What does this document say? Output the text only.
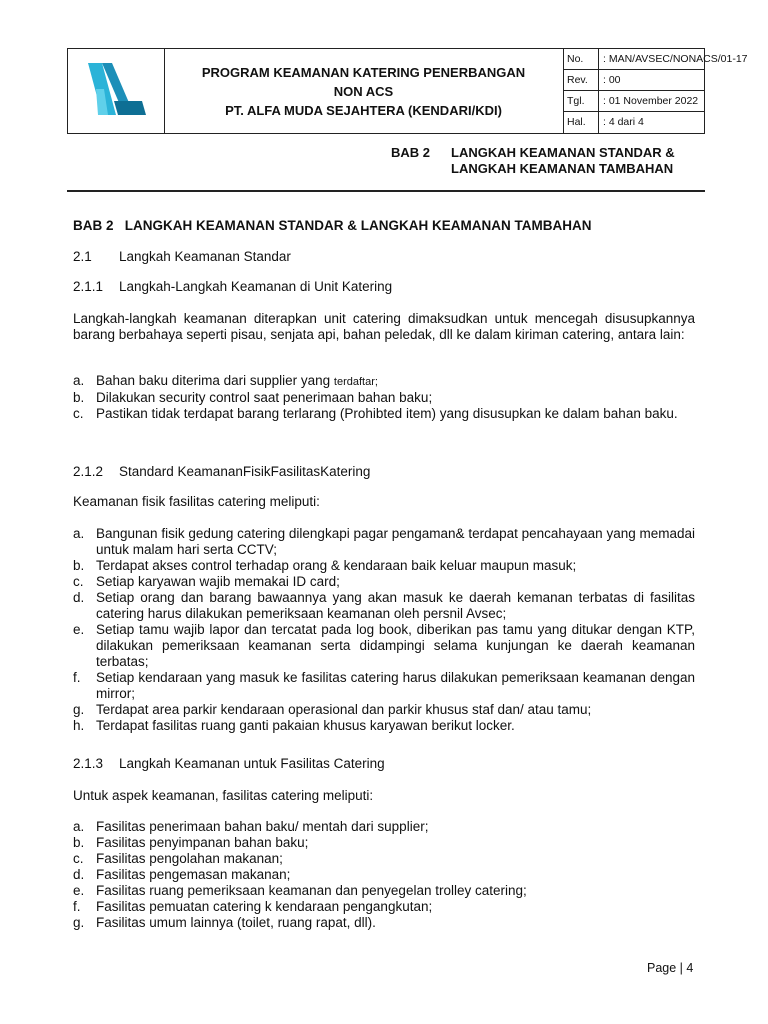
PROGRAM KEAMANAN KATERING PENERBANGAN
NON ACS
PT. ALFA MUDA SEJAHTERA (KENDARI/KDI)
No.	: MAN/AVSEC/NONACS/01-17
Rev.	: 00
Tgl.	: 01 November 2022
Hal.	: 4 dari 4
BAB 2 LANGKAH KEAMANAN STANDAR &
LANGKAH KEAMANAN TAMBAHAN
BAB 2   LANGKAH KEAMANAN STANDAR & LANGKAH KEAMANAN TAMBAHAN
2.1 Langkah Keamanan Standar
2.1.1 Langkah-Langkah Keamanan di Unit Katering
Langkah-langkah keamanan diterapkan unit catering dimaksudkan untuk mencegah disusupkannya barang berbahaya seperti pisau, senjata api, bahan peledak, dll ke dalam kiriman catering, antara lain:
a. Bahan baku diterima dari supplier yang terdaftar;
b. Dilakukan security control saat penerimaan bahan baku;
c. Pastikan tidak terdapat barang terlarang (Prohibted item) yang disusupkan ke dalam bahan baku.
2.1.2 Standard KeamananFisikFasilitasKatering
Keamanan fisik fasilitas catering meliputi:
a. Bangunan fisik gedung catering dilengkapi pagar pengaman& terdapat pencahayaan yang memadai untuk malam hari serta CCTV;
b. Terdapat akses control terhadap orang & kendaraan baik keluar maupun masuk;
c. Setiap karyawan wajib memakai ID card;
d. Setiap orang dan barang bawaannya yang akan masuk ke daerah kemanan terbatas di fasilitas catering harus dilakukan pemeriksaan keamanan oleh persnil Avsec;
e. Setiap tamu wajib lapor dan tercatat pada log book, diberikan pas tamu yang ditukar dengan KTP, dilakukan pemeriksaan keamanan serta didampingi selama kunjungan ke daerah keamanan terbatas;
f. Setiap kendaraan yang masuk ke fasilitas catering harus dilakukan pemeriksaan keamanan dengan mirror;
g. Terdapat area parkir kendaraan operasional dan parkir khusus staf dan/ atau tamu;
h. Terdapat fasilitas ruang ganti pakaian khusus karyawan berikut locker.
2.1.3 Langkah Keamanan untuk Fasilitas Catering
Untuk aspek keamanan, fasilitas catering meliputi:
a. Fasilitas penerimaan bahan baku/ mentah dari supplier;
b. Fasilitas penyimpanan bahan baku;
c. Fasilitas pengolahan makanan;
d. Fasilitas pengemasan makanan;
e. Fasilitas ruang pemeriksaan keamanan dan penyegelan trolley catering;
f. Fasilitas pemuatan catering k kendaraan pengangkutan;
g. Fasilitas umum lainnya (toilet, ruang rapat, dll).
Page | 4
